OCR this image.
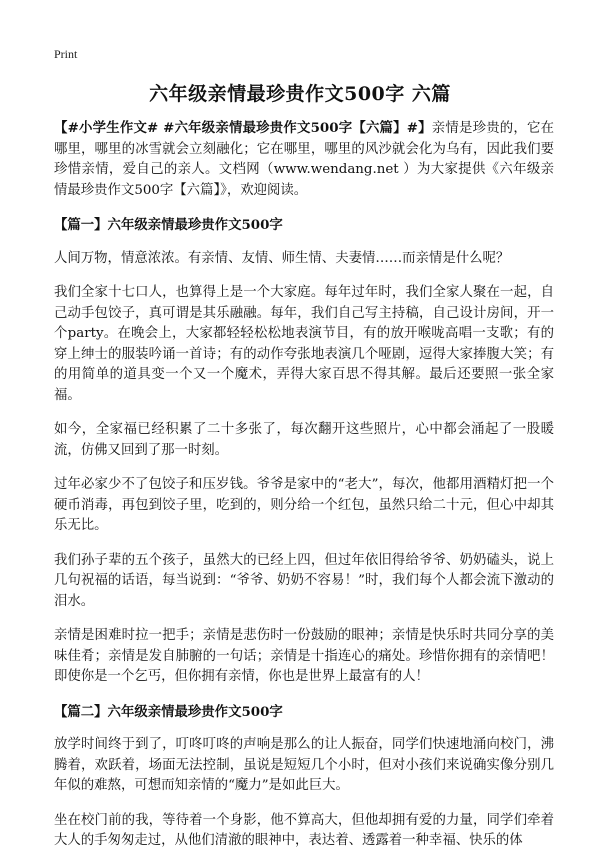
Print
六年级亲情最珍贵作文500字 六篇

【#小学生作文# #六年级亲情最珍贵作文500字【六篇】#】亲情是珍贵的，它在哪里，哪里的冰雪就会立刻融化；它在哪里，哪里的风沙就会化为乌有，因此我们要珍惜亲情，爱自己的亲人。文档网（www.wendang.net ）为大家提供《六年级亲情最珍贵作文500字【六篇】》，欢迎阅读。

【篇一】六年级亲情最珍贵作文500字

人间万物，情意浓浓。有亲情、友情、师生情、夫妻情……而亲情是什么呢？

我们全家十七口人，也算得上是一个大家庭。每年过年时，我们全家人聚在一起，自己动手包饺子，真可谓是其乐融融。每年，我们自己写主持稿，自己设计房间，开一个party。在晚会上，大家都轻轻松松地表演节目，有的放开喉咙高唱一支歌；有的穿上绅士的服装吟诵一首诗；有的动作夸张地表演几个哑剧，逗得大家捧腹大笑；有的用简单的道具变一个又一个魔术，弄得大家百思不得其解。最后还要照一张全家福。

如今，全家福已经积累了二十多张了，每次翻开这些照片，心中都会涌起了一股暖流，仿佛又回到了那一时刻。

过年必家少不了包饺子和压岁钱。爷爷是家中的“老大”，每次，他都用酒精灯把一个硬币消毒，再包到饺子里，吃到的，则分给一个红包，虽然只给二十元，但心中却其乐无比。

我们孙子辈的五个孩子，虽然大的已经上四，但过年依旧得给爷爷、奶奶磕头，说上几句祝福的话语，每当说到：“爷爷、奶奶不容易！”时，我们每个人都会流下激动的泪水。

亲情是困难时拉一把手；亲情是悲伤时一份鼓励的眼神；亲情是快乐时共同分享的美味佳肴；亲情是发自肺腑的一句话；亲情是十指连心的痛处。珍惜你拥有的亲情吧！即使你是一个乞丐，但你拥有亲情，你也是世界上最富有的人！

【篇二】六年级亲情最珍贵作文500字

放学时间终于到了，叮咚叮咚的声响是那么的让人振奋，同学们快速地涌向校门，沸腾着，欢跃着，场面无法控制，虽说是短短几个小时，但对小孩们来说确实像分别几年似的难熬，可想而知亲情的“魔力”是如此巨大。

坐在校门前的我，等待着一个身影，他不算高大，但他却拥有爱的力量，同学们牵着大人的手匆匆走过，从他们清澈的眼神中，表达着、透露着一种幸福、快乐的体
